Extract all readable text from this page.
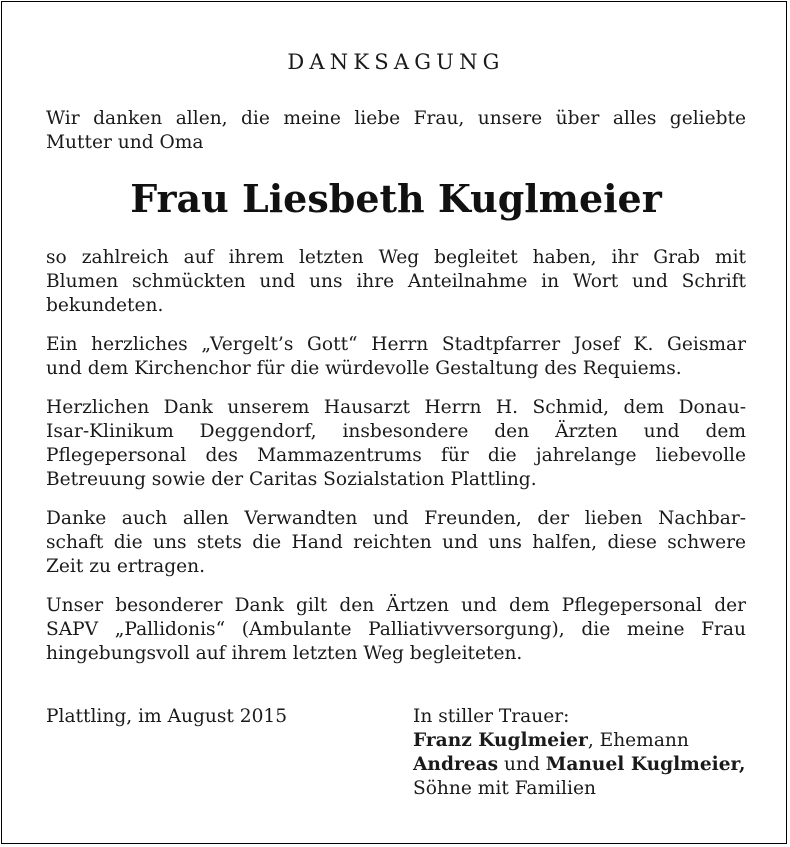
DANKSAGUNG
Wir danken allen, die meine liebe Frau, unsere über alles geliebte
Mutter und Oma
Frau Liesbeth Kuglmeier
so zahlreich auf ihrem letzten Weg begleitet haben, ihr Grab mit
Blumen schmückten und uns ihre Anteilnahme in Wort und Schrift
bekundeten.
Ein herzliches „Vergelt’s Gott“ Herrn Stadtpfarrer Josef K. Geismar
und dem Kirchenchor für die würdevolle Gestaltung des Requiems.
Herzlichen Dank unserem Hausarzt Herrn H. Schmid, dem Donau-
Isar-Klinikum Deggendorf, insbesondere den Ärzten und dem
Pflegepersonal des Mammazentrums für die jahrelange liebevolle
Betreuung sowie der Caritas Sozialstation Plattling.
Danke auch allen Verwandten und Freunden, der lieben Nachbar-
schaft die uns stets die Hand reichten und uns halfen, diese schwere
Zeit zu ertragen.
Unser besonderer Dank gilt den Ärtzen und dem Pflegepersonal der
SAPV „Pallidonis“ (Ambulante Palliativversorgung), die meine Frau
hingebungsvoll auf ihrem letzten Weg begleiteten.
Plattling, im August 2015	In stiller Trauer:
Franz Kuglmeier, Ehemann
Andreas und Manuel Kuglmeier,
Söhne mit Familien
